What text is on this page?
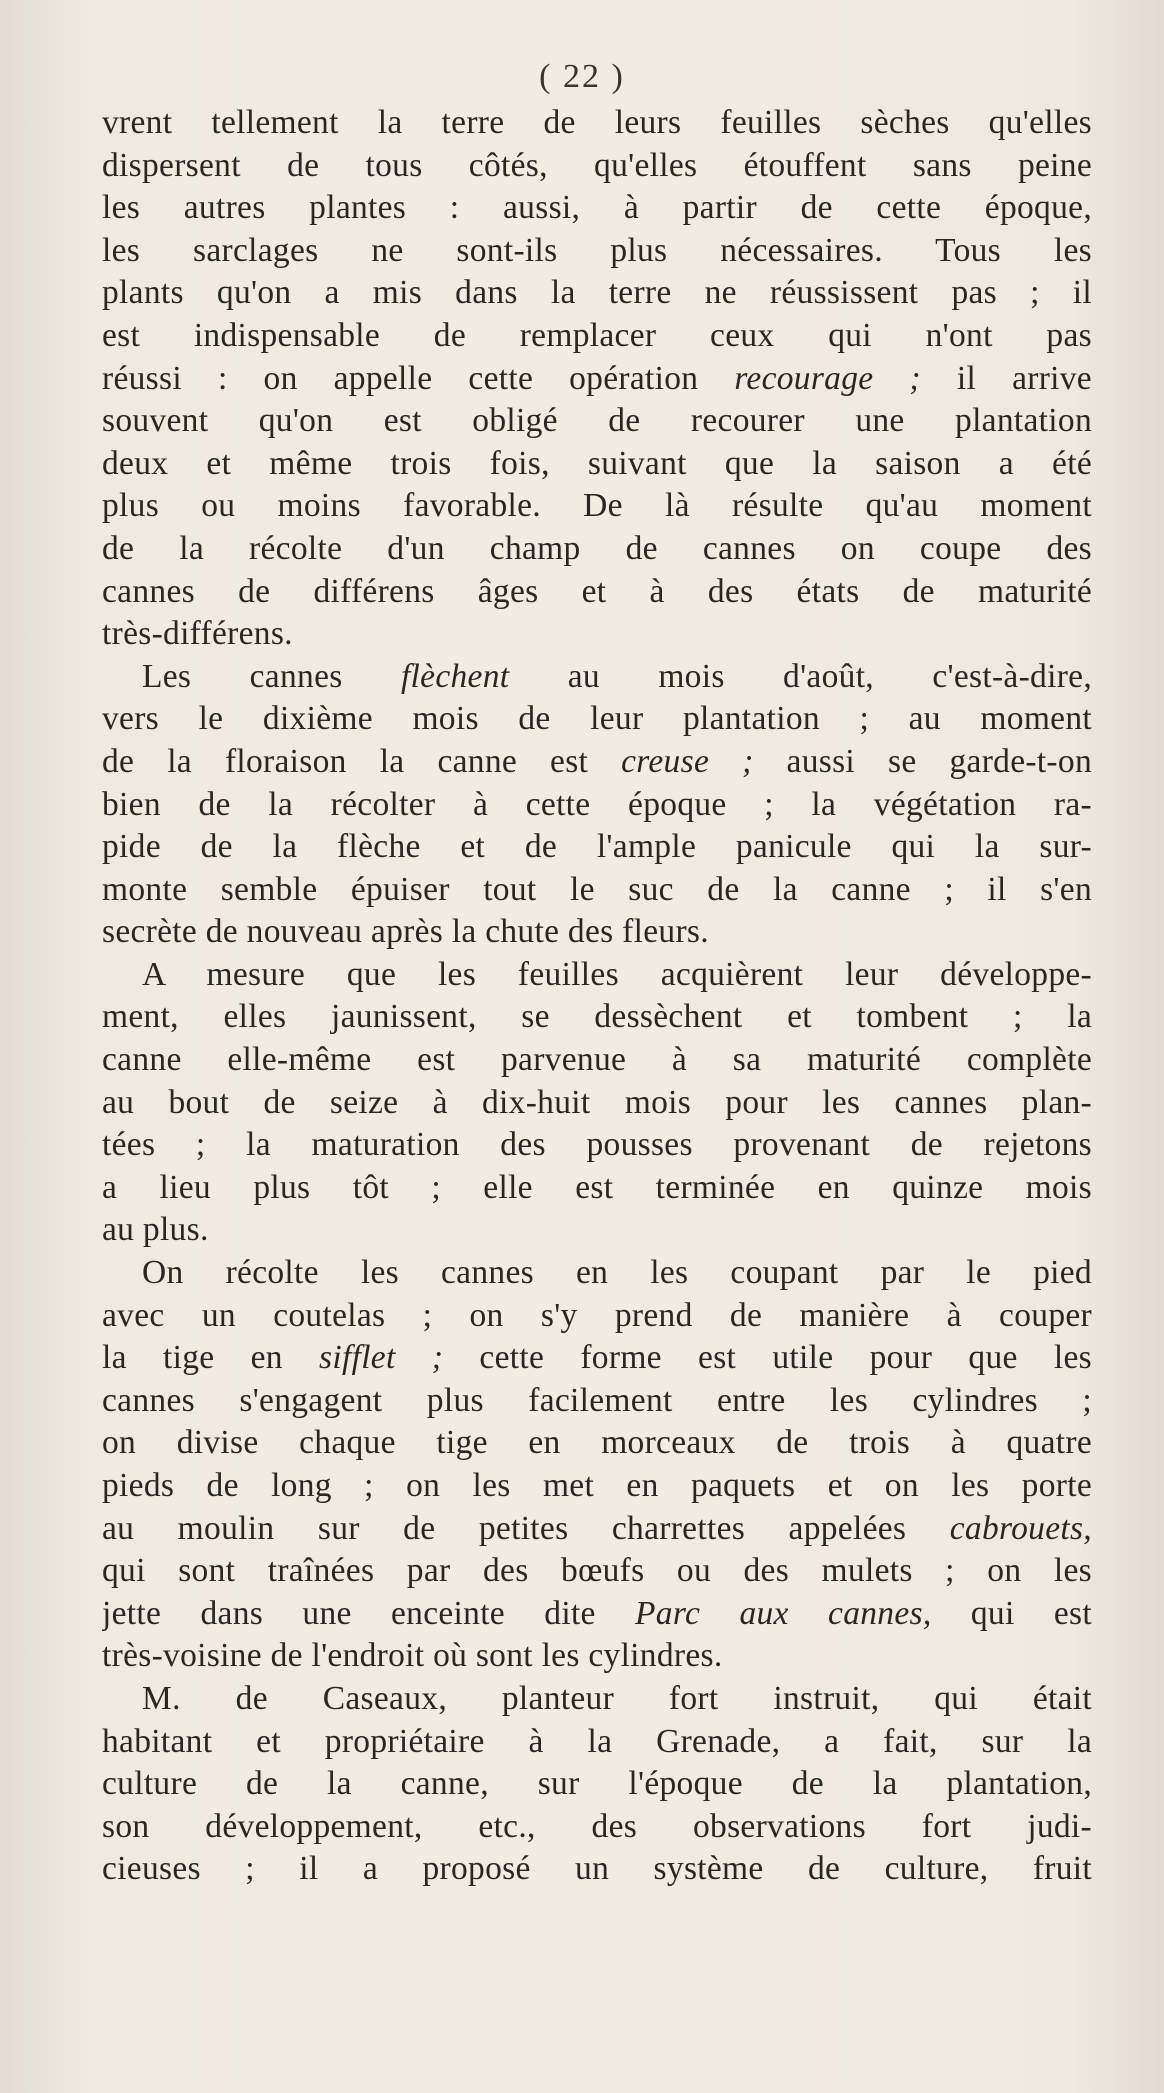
( 22 )
vrent tellement la terre de leurs feuilles sèches qu'elles
dispersent de tous côtés, qu'elles étouffent sans peine
les autres plantes : aussi, à partir de cette époque,
les sarclages ne sont-ils plus nécessaires. Tous les
plants qu'on a mis dans la terre ne réussissent pas ; il
est indispensable de remplacer ceux qui n'ont pas
réussi : on appelle cette opération recourage ; il arrive
souvent qu'on est obligé de recourer une plantation
deux et même trois fois, suivant que la saison a été
plus ou moins favorable. De là résulte qu'au moment
de la récolte d'un champ de cannes on coupe des
cannes de différens âges et à des états de maturité
très-différens.
Les cannes flèchent au mois d'août, c'est-à-dire,
vers le dixième mois de leur plantation ; au moment
de la floraison la canne est creuse ; aussi se garde-t-on
bien de la récolter à cette époque ; la végétation ra-
pide de la flèche et de l'ample panicule qui la sur-
monte semble épuiser tout le suc de la canne ; il s'en
secrète de nouveau après la chute des fleurs.
A mesure que les feuilles acquièrent leur développe-
ment, elles jaunissent, se dessèchent et tombent ; la
canne elle-même est parvenue à sa maturité complète
au bout de seize à dix-huit mois pour les cannes plan-
tées ; la maturation des pousses provenant de rejetons
a lieu plus tôt ; elle est terminée en quinze mois
au plus.
On récolte les cannes en les coupant par le pied
avec un coutelas ; on s'y prend de manière à couper
la tige en sifflet ; cette forme est utile pour que les
cannes s'engagent plus facilement entre les cylindres ;
on divise chaque tige en morceaux de trois à quatre
pieds de long ; on les met en paquets et on les porte
au moulin sur de petites charrettes appelées cabrouets,
qui sont traînées par des bœufs ou des mulets ; on les
jette dans une enceinte dite Parc aux cannes, qui est
très-voisine de l'endroit où sont les cylindres.
M. de Caseaux, planteur fort instruit, qui était
habitant et propriétaire à la Grenade, a fait, sur la
culture de la canne, sur l'époque de la plantation,
son développement, etc., des observations fort judi-
cieuses ; il a proposé un système de culture, fruit
